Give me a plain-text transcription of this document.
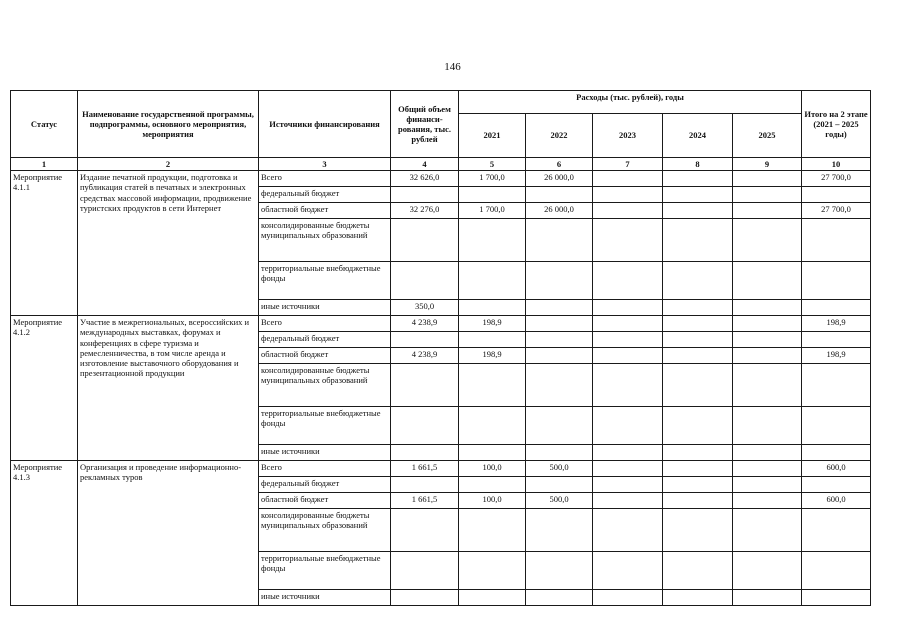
146
Статус	Наименование государственной программы, подпрограммы, основного мероприятия, мероприятия	Источники финансирования	Общий объем финанси-рования, тыс. рублей	Расходы (тыс. рублей), годы					Итого на 2 этапе (2021 – 2025 годы)
				2021	2022	2023	2024	2025	
1	2	3	4	5	6	7	8	9	10
Мероприятие 4.1.1	Издание печатной продукции, подготовка и публикация статей в печатных и электронных средствах массовой информации, продвижение туристских продуктов в сети Интернет	Всего	32 626,0	1 700,0	26 000,0				27 700,0
		федеральный бюджет							
		областной бюджет	32 276,0	1 700,0	26 000,0				27 700,0
		консолидированные бюджеты муниципальных образований							
		территориальные внебюджетные фонды							
		иные источники	350,0						
Мероприятие 4.1.2	Участие в межрегиональных, всероссийских и международных выставках, форумах и конференциях в сфере туризма и ремесленничества, в том числе аренда и изготовление выставочного оборудования и презентационной продукции	Всего	4 238,9	198,9					198,9
		федеральный бюджет							
		областной бюджет	4 238,9	198,9					198,9
		консолидированные бюджеты муниципальных образований							
		территориальные внебюджетные фонды							
		иные источники							
Мероприятие 4.1.3	Организация и проведение информационно-рекламных туров	Всего	1 661,5	100,0	500,0				600,0
		федеральный бюджет							
		областной бюджет	1 661,5	100,0	500,0				600,0
		консолидированные бюджеты муниципальных образований							
		территориальные внебюджетные фонды							
		иные источники							
